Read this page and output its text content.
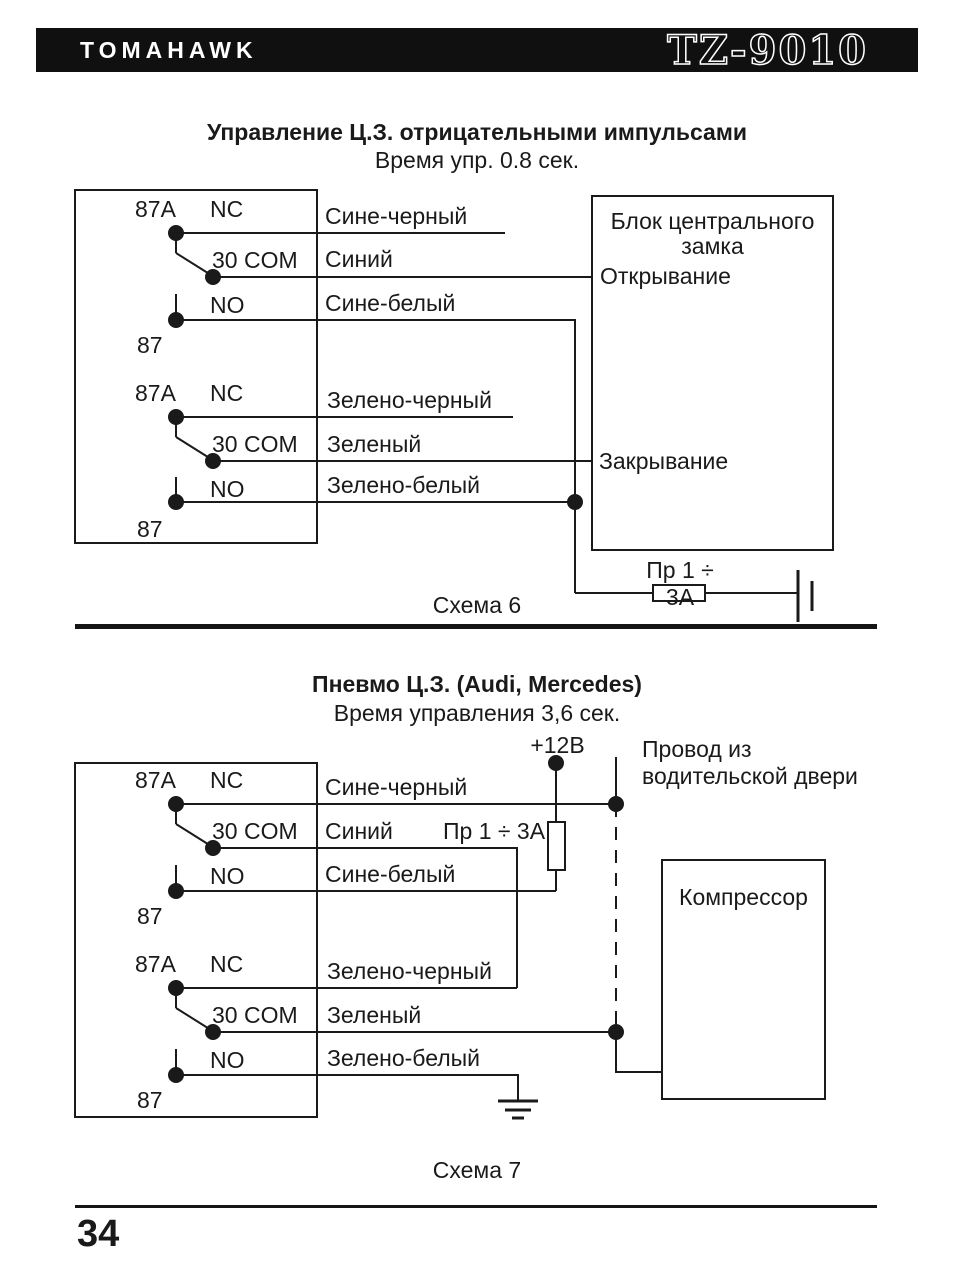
TOMAHAWK	TZ-9010
Управление Ц.З. отрицательными импульсами
Время упр. 0.8 сек.
87A NC
30 COM
NO
87
87A NC
30 COM
NO
87
Сине-черный
Синий
Сине-белый
Зелено-черный
Зеленый
Зелено-белый
Блок центрального
замка
Открывание
Закрывание
Пр 1 ÷ 3А
Схема 6
Пневмо Ц.З. (Audi, Mercedes)
Время управления 3,6 сек.
+12В	Провод из
водительской двери
87A NC
30 COM
NO
87
87A NC
30 COM
NO
87
Сине-черный
Синий Пр 1 ÷ 3А
Сине-белый
Зелено-черный
Зеленый
Зелено-белый
Компрессор
Схема 7
34
